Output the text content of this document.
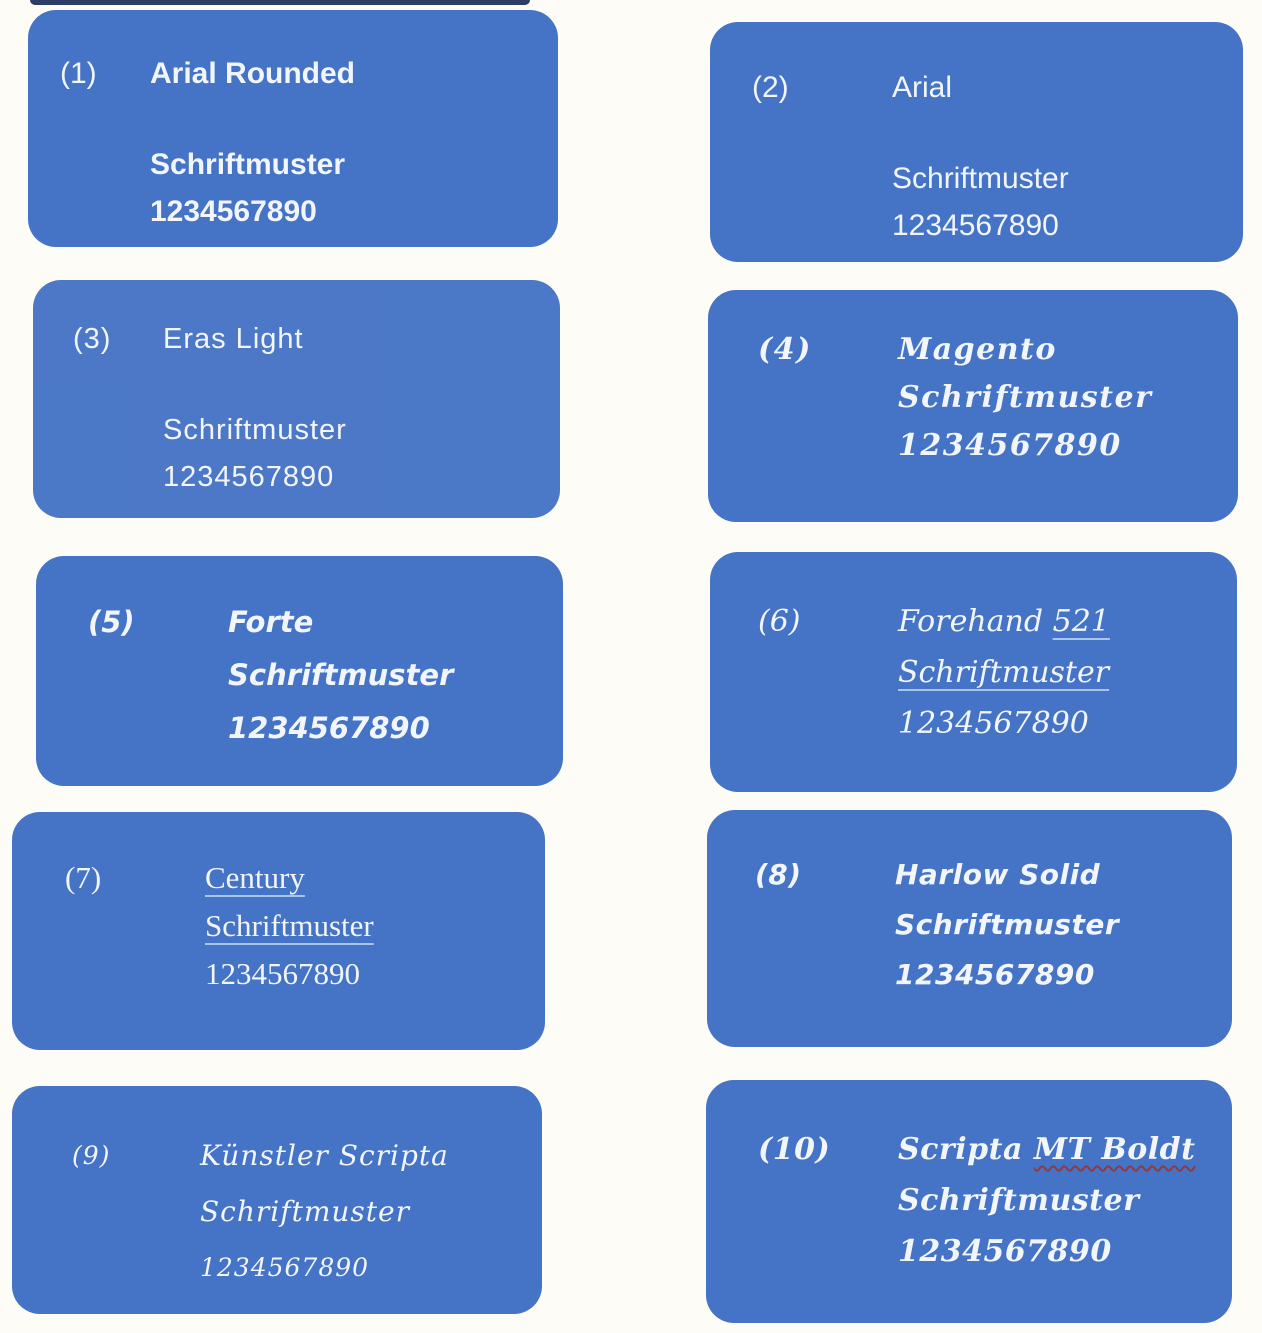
(1)	Arial Rounded
Schriftmuster
1234567890
(2)	Arial
Schriftmuster
1234567890
(3)	Eras Light
Schriftmuster
1234567890
(4)	Magento
Schriftmuster
1234567890
(5)	Forte
Schriftmuster
1234567890
(6)	Forehand 521
Schriftmuster
1234567890
(7)	Century
Schriftmuster
1234567890
(8)	Harlow Solid
Schriftmuster
1234567890
(9)	Künstler Scripta
Schriftmuster
1234567890
(10)	Scripta MT Boldt
Schriftmuster
1234567890
